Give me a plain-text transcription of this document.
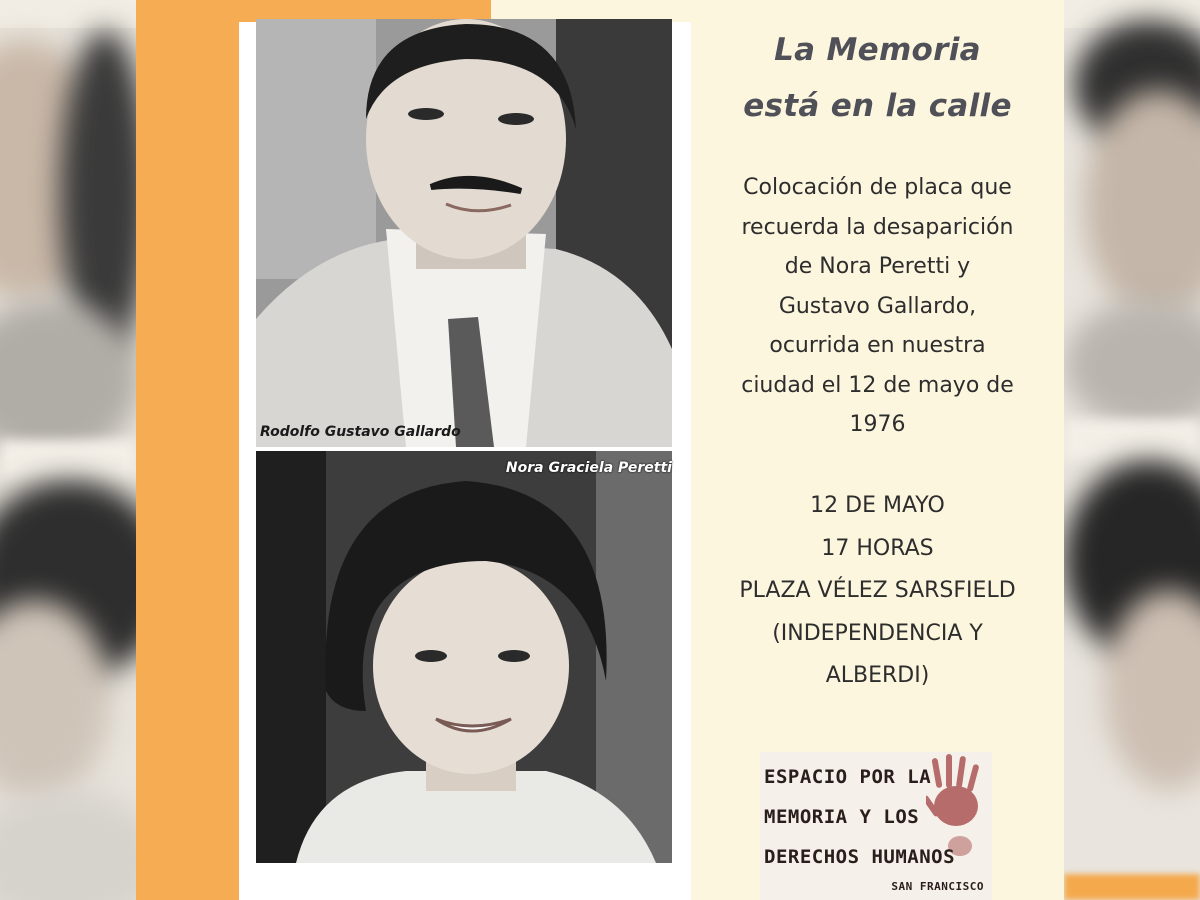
Rodolfo Gustavo Gallardo
Nora Graciela Peretti
La Memoria
está en la calle
Colocación de placa que
recuerda la desaparición
de Nora Peretti y
Gustavo Gallardo,
ocurrida en nuestra
ciudad el 12 de mayo de
1976
12 DE MAYO
17 HORAS
PLAZA VÉLEZ SARSFIELD
(INDEPENDENCIA Y
ALBERDI)
ESPACIO POR LA
MEMORIA Y LOS
DERECHOS HUMANOS
SAN FRANCISCO
